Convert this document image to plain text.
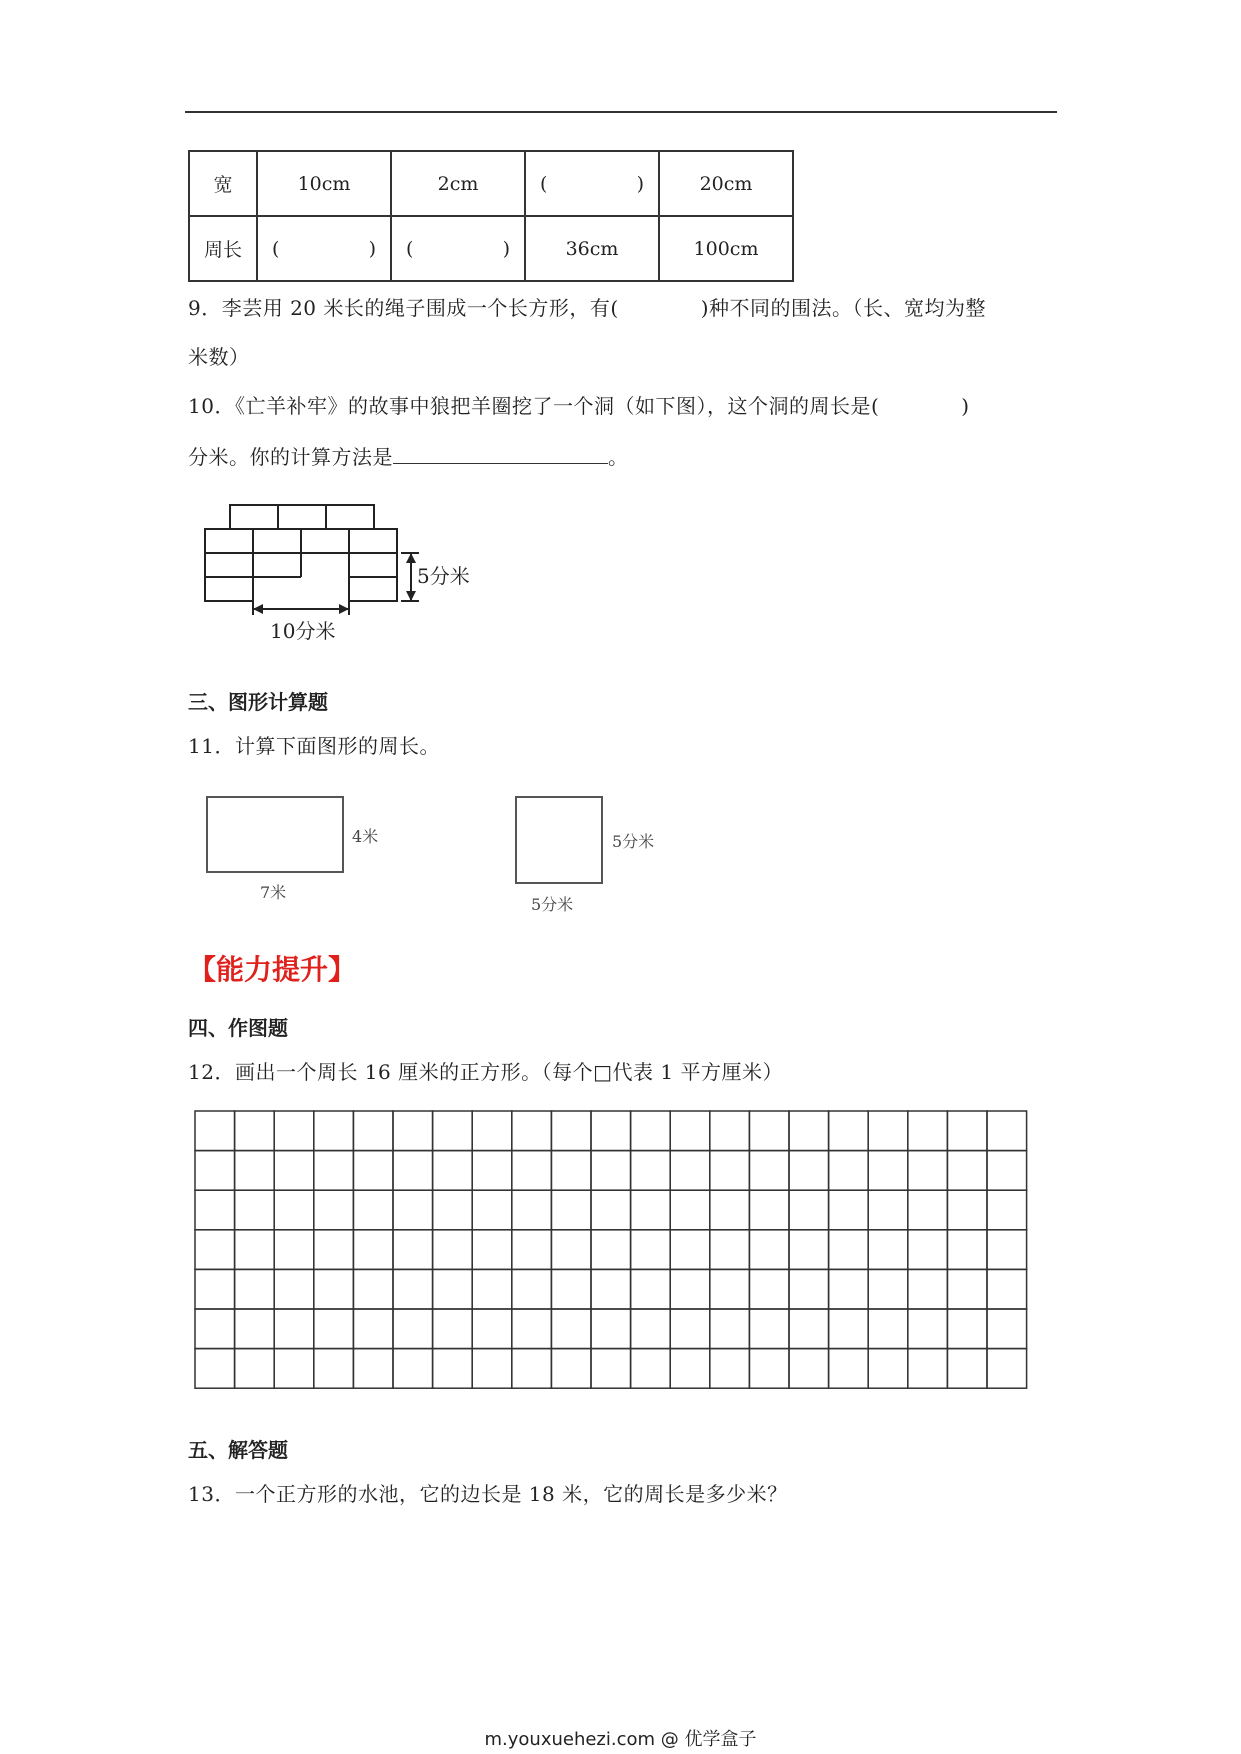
宽	10cm	2cm	( )	20cm
周长	( )	( )	36cm	100cm
9．李芸用 20 米长的绳子围成一个长方形，有(　　　　)种不同的围法。（长、宽均为整
米数）
10．《亡羊补牢》的故事中狼把羊圈挖了一个洞（如下图），这个洞的周长是(　　　　)
分米。你的计算方法是	。
5分米
10分米
三、图形计算题
11．计算下面图形的周长。
4米
7米
5分米
5分米
【能力提升】
四、作图题
12．画出一个周长 16 厘米的正方形。（每个□代表 1 平方厘米）
五、解答题
13．一个正方形的水池，它的边长是 18 米，它的周长是多少米？
m.youxuehezi.com @ 优学盒子
